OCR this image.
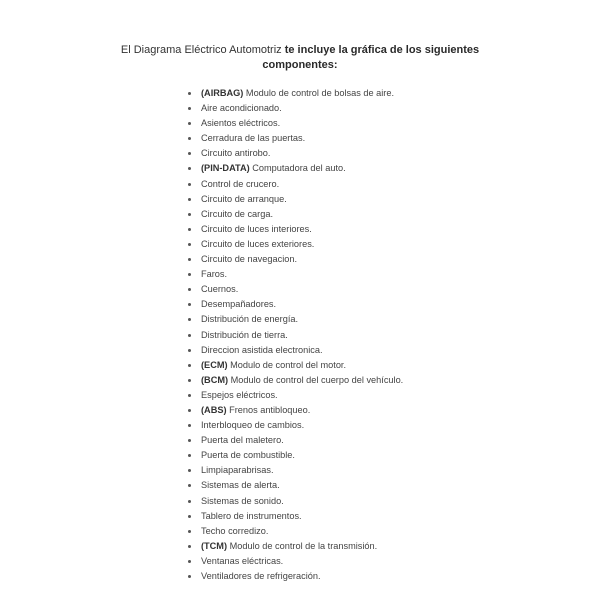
El Diagrama Eléctrico Automotriz te incluye la gráfica de los siguientes
componentes:
(AIRBAG) Modulo de control de bolsas de aire.
Aire acondicionado.
Asientos eléctricos.
Cerradura de las puertas.
Circuito antirobo.
(PIN-DATA) Computadora del auto.
Control de crucero.
Circuito de arranque.
Circuito de carga.
Circuito de luces interiores.
Circuito de luces exteriores.
Circuito de navegacion.
Faros.
Cuernos.
Desempañadores.
Distribución de energía.
Distribución de tierra.
Direccion asistida electronica.
(ECM) Modulo de control del motor.
(BCM) Modulo de control del cuerpo del vehículo.
Espejos eléctricos.
(ABS) Frenos antibloqueo.
Interbloqueo de cambios.
Puerta del maletero.
Puerta de combustible.
Limpiaparabrisas.
Sistemas de alerta.
Sistemas de sonido.
Tablero de instrumentos.
Techo corredizo.
(TCM) Modulo de control de la transmisión.
Ventanas eléctricas.
Ventiladores de refrigeración.
